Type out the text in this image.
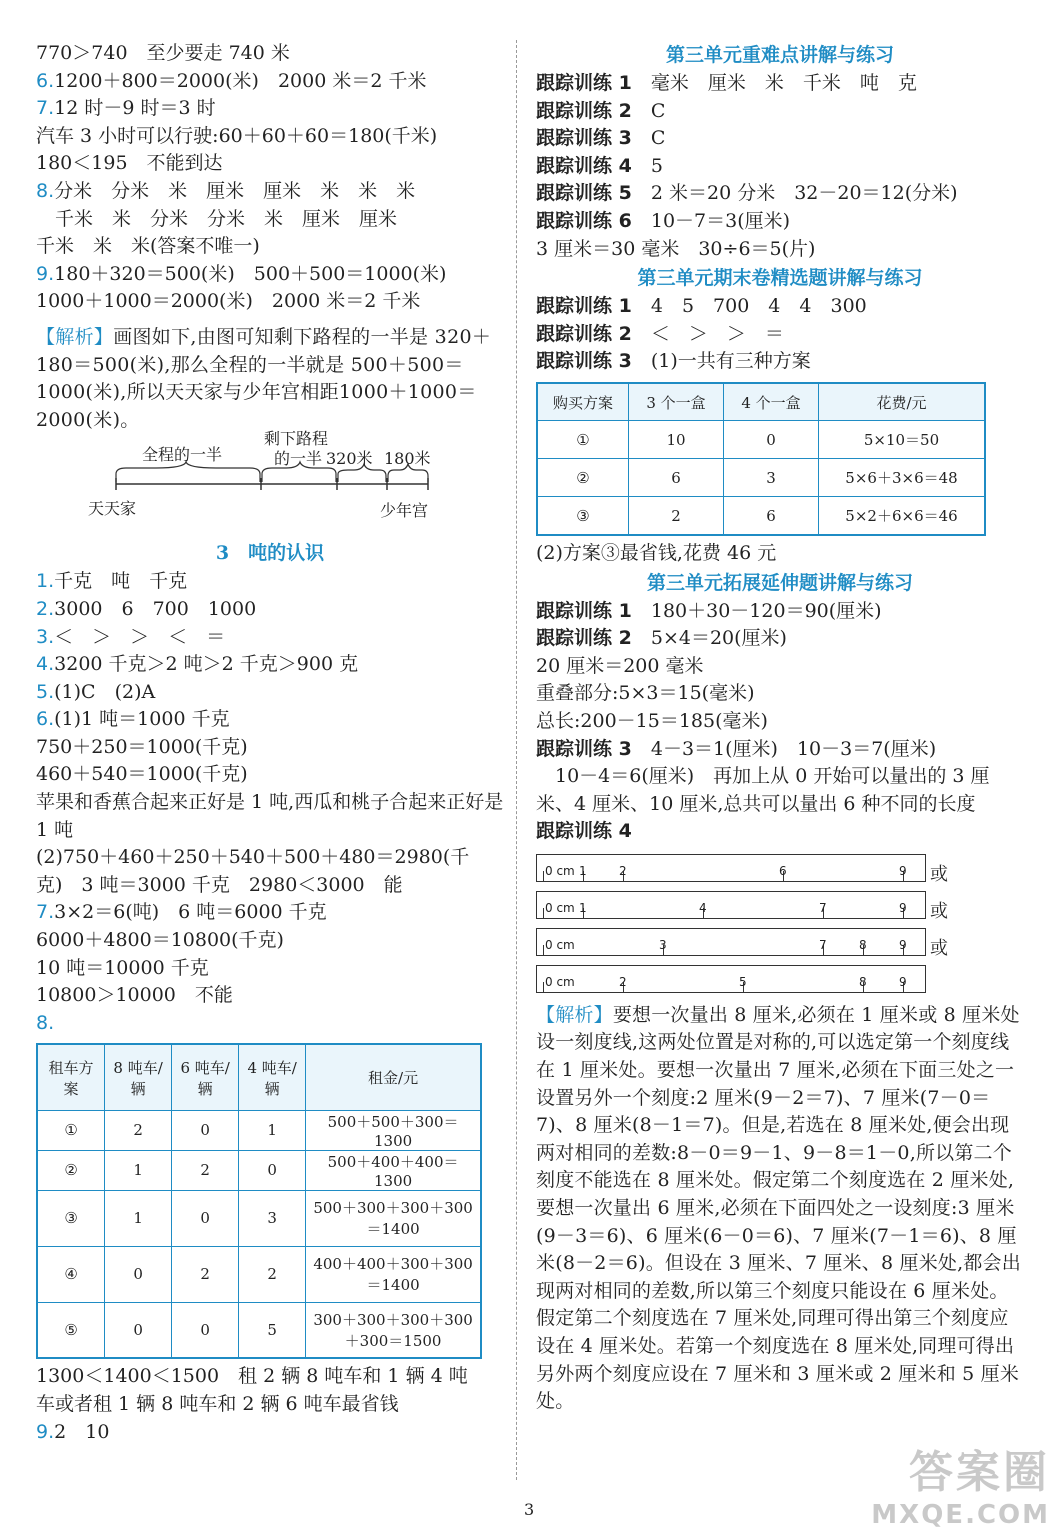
770＞740　至少要走 740 米
6.1200＋800＝2000(米)　2000 米＝2 千米
7.12 时－9 时＝3 时
汽车 3 小时可以行驶:60＋60＋60＝180(千米)
180＜195　不能到达
8.分米　分米　米　厘米　厘米　米　米　米
　千米　米　分米　分米　米　厘米　厘米
千米　米　米(答案不唯一)
9.180＋320＝500(米)　500＋500＝1000(米)
1000＋1000＝2000(米)　2000 米＝2 千米
【解析】画图如下,由图可知剩下路程的一半是 320＋180＝500(米),那么全程的一半就是 500＋500＝1000(米),所以天天家与少年宫相距1000＋1000＝2000(米)。
全程的一半
剩下路程
的一半 320米 180米
天天家	少年宫
3　吨的认识
1.千克　吨　千克
2.3000　6　700　1000
3.＜　＞　＞　＜　＝
4.3200 千克＞2 吨＞2 千克＞900 克
5.(1)C　(2)A
6.(1)1 吨＝1000 千克
750＋250＝1000(千克)
460＋540＝1000(千克)
苹果和香蕉合起来正好是 1 吨,西瓜和桃子合起来正好是 1 吨
(2)750＋460＋250＋540＋500＋480＝2980(千
克)　3 吨＝3000 千克　2980＜3000　能
7.3×2＝6(吨)　6 吨＝6000 千克
6000＋4800＝10800(千克)
10 吨＝10000 千克
10800＞10000　不能
8.
租车方案	8 吨车/辆	6 吨车/辆	4 吨车/辆	租金/元
①	2	0	1	500＋500＋300＝1300
②	1	2	0	500＋400＋400＝1300
③	1	0	3	500＋300＋300＋300＝1400
④	0	2	2	400＋400＋300＋300＝1400
⑤	0	0	5	300＋300＋300＋300＋300＝1500
1300＜1400＜1500　租 2 辆 8 吨车和 1 辆 4 吨
车或者租 1 辆 8 吨车和 2 辆 6 吨车最省钱
9.2　10
第三单元重难点讲解与练习
跟踪训练 1　 毫米　厘米　米　千米　吨　克
跟踪训练 2　 C
跟踪训练 3　 C
跟踪训练 4　 5
跟踪训练 5　 2 米＝20 分米　32－20＝12(分米)
跟踪训练 6　 10－7＝3(厘米)
3 厘米＝30 毫米　30÷6＝5(片)
第三单元期末卷精选题讲解与练习
跟踪训练 1　 4　5　700　4　4　300
跟踪训练 2　 ＜　＞　＞　＝
跟踪训练 3　 (1)一共有三种方案
购买方案	3 个一盒	4 个一盒	花费/元
①	10	0	5×10＝50
②	6	3	5×6＋3×6＝48
③	2	6	5×2＋6×6＝46
(2)方案③最省钱,花费 46 元
第三单元拓展延伸题讲解与练习
跟踪训练 1　 180＋30－120＝90(厘米)
跟踪训练 2　 5×4＝20(厘米)
20 厘米＝200 毫米
重叠部分:5×3＝15(毫米)
总长:200－15＝185(毫米)
跟踪训练 3　 4－3＝1(厘米)　10－3＝7(厘米)
　10－4＝6(厘米)　再加上从 0 开始可以量出的 3 厘米、4 厘米、10 厘米,总共可以量出 6 种不同的长度
跟踪训练 4
0 cm 1	2	6	9 或
0 cm 1	4	7	9 或
0 cm	3	7	8	9 或
0 cm	2	5	8	9
【解析】要想一次量出 8 厘米,必须在 1 厘米或 8 厘米处设一刻度线,这两处位置是对称的,可以选定第一个刻度线在 1 厘米处。要想一次量出 7 厘米,必须在下面三处之一设置另外一个刻度:2 厘米(9－2＝7)、7 厘米(7－0＝7)、8 厘米(8－1＝7)。但是,若选在 8 厘米处,便会出现两对相同的差数:8－0＝9－1、9－8＝1－0,所以第二个刻度不能选在 8 厘米处。假定第二个刻度选在 2 厘米处,要想一次量出 6 厘米,必须在下面四处之一设刻度:3 厘米(9－3＝6)、6 厘米(6－0＝6)、7 厘米(7－1＝6)、8 厘米(8－2＝6)。但设在 3 厘米、7 厘米、8 厘米处,都会出现两对相同的差数,所以第三个刻度只能设在 6 厘米处。假定第二个刻度选在 7 厘米处,同理可得出第三个刻度应设在 4 厘米处。若第一个刻度选在 8 厘米处,同理可得出另外两个刻度应设在 7 厘米和 3 厘米或 2 厘米和 5 厘米处。
3
答案圈
MXQE.COM
